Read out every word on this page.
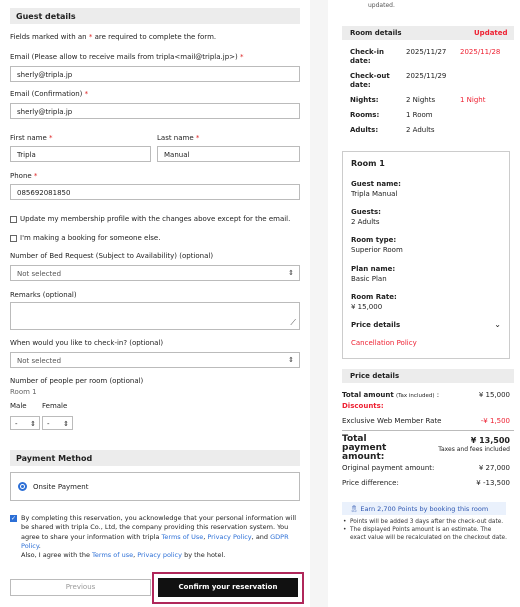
Guest details
Fields marked with an * are required to complete the form.
Email (Please allow to receive mails from tripla<mail@tripla.jp>) *
sherly@tripla.jp
Email (Confirmation) *
sherly@tripla.jp
First name *
Tripla
Last name *
Manual
Phone *
085692081850
Update my membership profile with the changes above except for the email.
I'm making a booking for someone else.
Number of Bed Request (Subject to Availability) (optional)
Not selected	⇕
Remarks (optional)
⟋
When would you like to check-in? (optional)
Not selected	⇕
Number of people per room (optional)
Room 1
Male Female
- ⇕	- ⇕
Payment Method
Onsite Payment
✓ By completing this reservation, you acknowledge that your personal information will be shared with tripla Co., Ltd, the company providing this reservation system. You agree to share your information with tripla Terms of Use, Privacy Policy, and GDPR Policy.
Also, I agree with the Terms of use, Privacy policy by the hotel.
Previous	Confirm your reservation
updated.
Room details	Updated
Check-in date:
2025/11/27 2025/11/28
Check-out date:
2025/11/29
Nights:	2 Nights	1 Night
Rooms:	1 Room
Adults:	2 Adults
Room 1
Guest name:
Tripla Manual
Guests:
2 Adults
Room type:
Superior Room
Plan name:
Basic Plan
Room Rate:
¥ 15,000
Price details	⌄
Cancellation Policy
Price details
Total amount (Tax included) :	¥ 15,000
Discounts:
Exclusive Web Member Rate	-¥ 1,500
Total payment amount:
¥ 13,500
Taxes and fees included
Original payment amount:	¥ 27,000
Price difference:	¥ -13,500
🎗 Earn 2,700 Points by booking this room
• Points will be added 3 days after the check-out date.
• The displayed Points amount is an estimate. The exact value will be recalculated on the checkout date.
